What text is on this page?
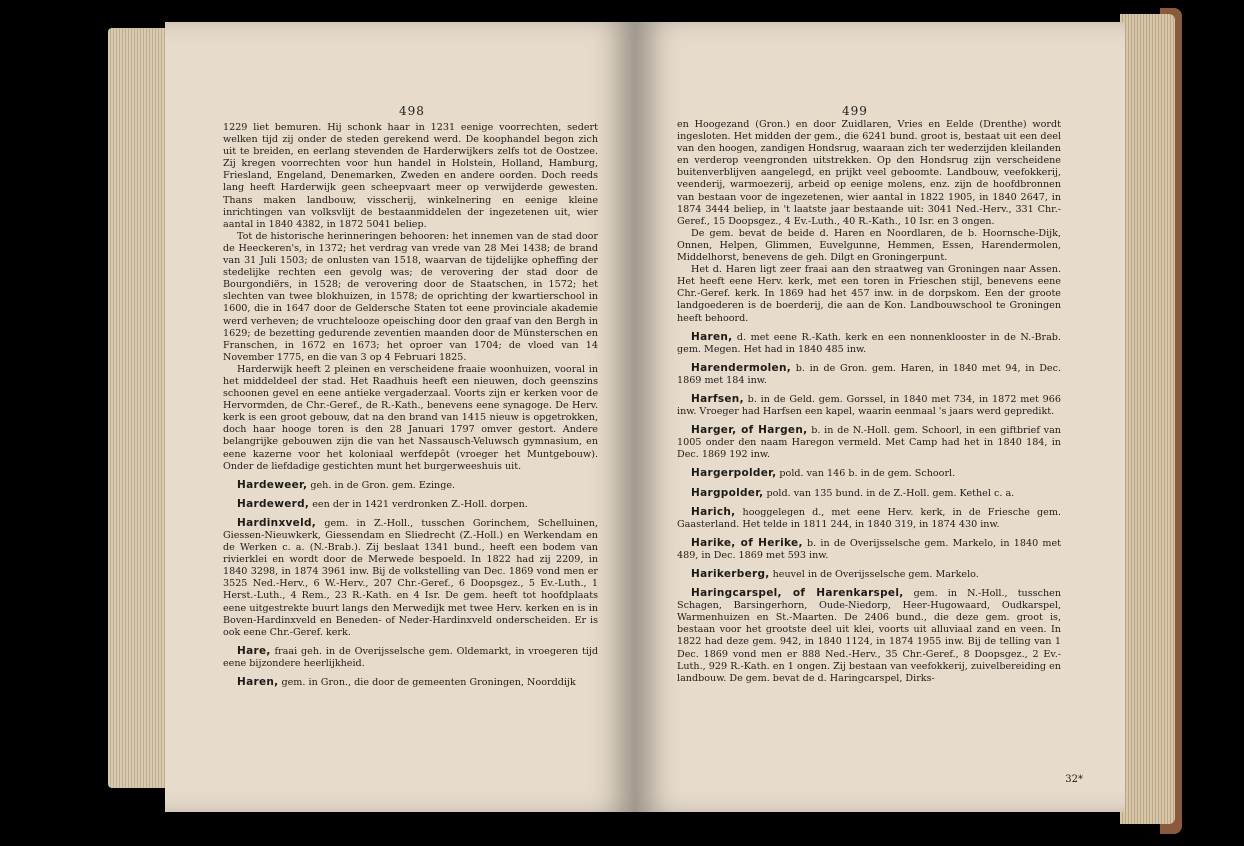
498

1229 liet bemuren. Hij schonk haar in 1231 eenige voorrechten, sedert welken tijd zij onder de steden gerekend werd. De koophandel begon zich uit te breiden, en eerlang stevenden de Harderwijkers zelfs tot de Oostzee. Zij kregen voorrechten voor hun handel in Holstein, Holland, Hamburg, Friesland, Engeland, Denemarken, Zweden en andere oorden. Doch reeds lang heeft Harderwijk geen scheepvaart meer op verwijderde gewesten. Thans maken landbouw, visscherij, winkelnering en eenige kleine inrichtingen van volksvlijt de bestaanmiddelen der ingezetenen uit, wier aantal in 1840 4382, in 1872 5041 beliep.

Tot de historische herinneringen behooren: het innemen van de stad door de Heeckeren's, in 1372; het verdrag van vrede van 28 Mei 1438; de brand van 31 Juli 1503; de onlusten van 1518, waarvan de tijdelijke opheffing der stedelijke rechten een gevolg was; de verovering der stad door de Bourgondiërs, in 1528; de verovering door de Staatschen, in 1572; het slechten van twee blokhuizen, in 1578; de oprichting der kwartierschool in 1600, die in 1647 door de Geldersche Staten tot eene provinciale akademie werd verheven; de vruchtelooze opeisching door den graaf van den Bergh in 1629; de bezetting gedurende zeventien maanden door de Münsterschen en Franschen, in 1672 en 1673; het oproer van 1704; de vloed van 14 November 1775, en die van 3 op 4 Februari 1825.

Harderwijk heeft 2 pleinen en verscheidene fraaie woonhuizen, vooral in het middeldeel der stad. Het Raadhuis heeft een nieuwen, doch geenszins schoonen gevel en eene antieke vergaderzaal. Voorts zijn er kerken voor de Hervormden, de Chr.-Geref., de R.-Kath., benevens eene synagoge. De Herv. kerk is een groot gebouw, dat na den brand van 1415 nieuw is opgetrokken, doch haar hooge toren is den 28 Januari 1797 omver gestort. Andere belangrijke gebouwen zijn die van het Nassausch-Veluwsch gymnasium, en eene kazerne voor het koloniaal werfdepôt (vroeger het Muntgebouw). Onder de liefdadige gestichten munt het burgerweeshuis uit.

Hardeweer, geh. in de Gron. gem. Ezinge.

Hardewerd, een der in 1421 verdronken Z.-Holl. dorpen.

Hardinxveld, gem. in Z.-Holl., tusschen Gorinchem, Schelluinen, Giessen-Nieuwkerk, Giessendam en Sliedrecht (Z.-Holl.) en Werkendam en de Werken c. a. (N.-Brab.). Zij beslaat 1341 bund., heeft een bodem van rivierklei en wordt door de Merwede bespoeld. In 1822 had zij 2209, in 1840 3298, in 1874 3961 inw. Bij de volkstelling van Dec. 1869 vond men er 3525 Ned.-Herv., 6 W.-Herv., 207 Chr.-Geref., 6 Doopsgez., 5 Ev.-Luth., 1 Herst.-Luth., 4 Rem., 23 R.-Kath. en 4 Isr. De gem. heeft tot hoofdplaats eene uitgestrekte buurt langs den Merwedijk met twee Herv. kerken en is in Boven-Hardinxveld en Beneden- of Neder-Hardinxveld onderscheiden. Er is ook eene Chr.-Geref. kerk.

Hare, fraai geh. in de Overijsselsche gem. Oldemarkt, in vroegeren tijd eene bijzondere heerlijkheid.

Haren, gem. in Gron., die door de gemeenten Groningen, Noorddijk

499

en Hoogezand (Gron.) en door Zuidlaren, Vries en Eelde (Drenthe) wordt ingesloten. Het midden der gem., die 6241 bund. groot is, bestaat uit een deel van den hoogen, zandigen Hondsrug, waaraan zich ter wederzijden kleilanden en verderop veengronden uitstrekken. Op den Hondsrug zijn verscheidene buitenverblijven aangelegd, en prijkt veel geboomte. Landbouw, veefokkerij, veenderij, warmoezerij, arbeid op eenige molens, enz. zijn de hoofdbronnen van bestaan voor de ingezetenen, wier aantal in 1822 1905, in 1840 2647, in 1874 3444 beliep, in 't laatste jaar bestaande uit: 3041 Ned.-Herv., 331 Chr.-Geref., 15 Doopsgez., 4 Ev.-Luth., 40 R.-Kath., 10 Isr. en 3 ongen.

De gem. bevat de beide d. Haren en Noordlaren, de b. Hoornsche-Dijk, Onnen, Helpen, Glimmen, Euvelgunne, Hemmen, Essen, Harendermolen, Middelhorst, benevens de geh. Dilgt en Groningerpunt.

Het d. Haren ligt zeer fraai aan den straatweg van Groningen naar Assen. Het heeft eene Herv. kerk, met een toren in Frieschen stijl, benevens eene Chr.-Geref. kerk. In 1869 had het 457 inw. in de dorpskom. Een der groote landgoederen is de boerderij, die aan de Kon. Landbouwschool te Groningen heeft behoord.

Haren, d. met eene R.-Kath. kerk en een nonnenklooster in de N.-Brab. gem. Megen. Het had in 1840 485 inw.

Harendermolen, b. in de Gron. gem. Haren, in 1840 met 94, in Dec. 1869 met 184 inw.

Harfsen, b. in de Geld. gem. Gorssel, in 1840 met 734, in 1872 met 966 inw. Vroeger had Harfsen een kapel, waarin eenmaal 's jaars werd gepredikt.

Harger, of Hargen, b. in de N.-Holl. gem. Schoorl, in een giftbrief van 1005 onder den naam Haregon vermeld. Met Camp had het in 1840 184, in Dec. 1869 192 inw.

Hargerpolder, pold. van 146 b. in de gem. Schoorl.

Hargpolder, pold. van 135 bund. in de Z.-Holl. gem. Kethel c. a.

Harich, hooggelegen d., met eene Herv. kerk, in de Friesche gem. Gaasterland. Het telde in 1811 244, in 1840 319, in 1874 430 inw.

Harike, of Herike, b. in de Overijsselsche gem. Markelo, in 1840 met 489, in Dec. 1869 met 593 inw.

Harikerberg, heuvel in de Overijsselsche gem. Markelo.

Haringcarspel, of Harenkarspel, gem. in N.-Holl., tusschen Schagen, Barsingerhorn, Oude-Niedorp, Heer-Hugowaard, Oudkarspel, Warmenhuizen en St.-Maarten. De 2406 bund., die deze gem. groot is, bestaan voor het grootste deel uit klei, voorts uit alluviaal zand en veen. In 1822 had deze gem. 942, in 1840 1124, in 1874 1955 inw. Bij de telling van 1 Dec. 1869 vond men er 888 Ned.-Herv., 35 Chr.-Geref., 8 Doopsgez., 2 Ev.-Luth., 929 R.-Kath. en 1 ongen. Zij bestaan van veefokkerij, zuivelbereiding en landbouw. De gem. bevat de d. Haringcarspel, Dirks-

32*
